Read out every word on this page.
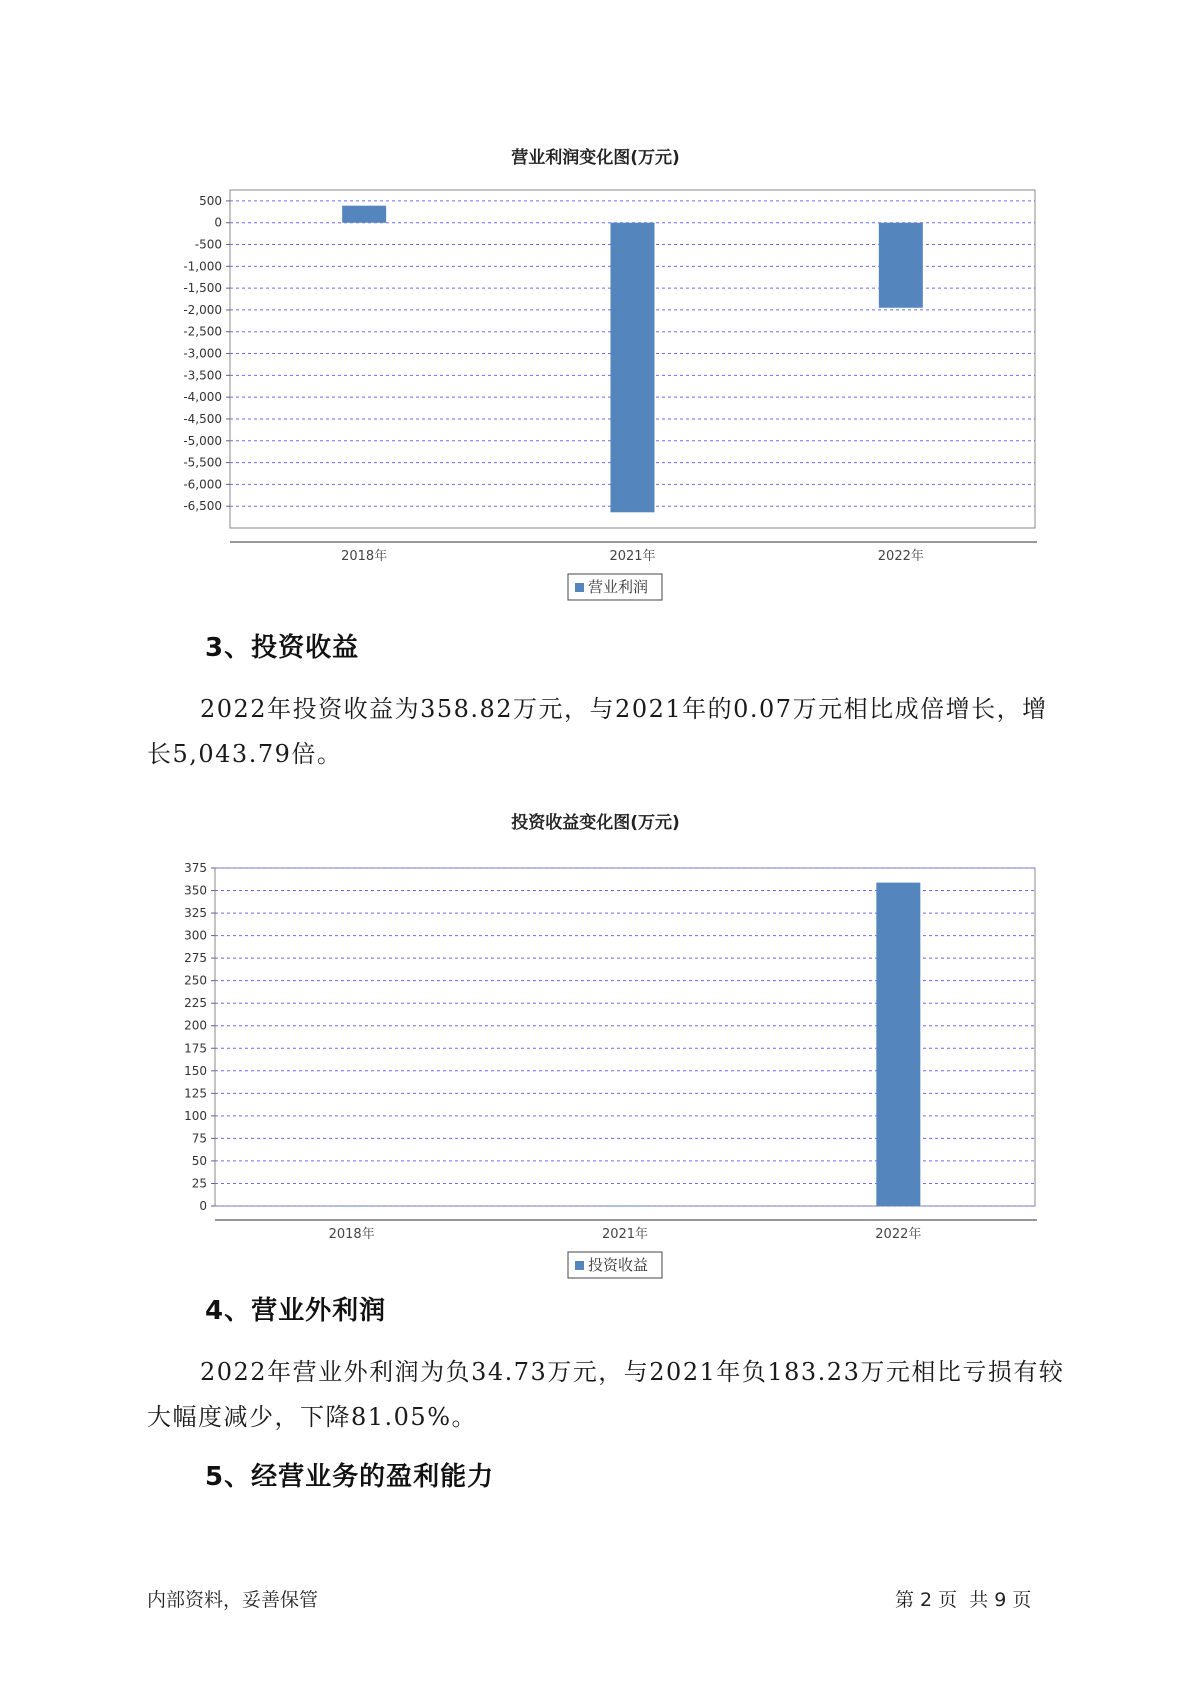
营业利润变化图(万元)
500
0
-500
-1,000
-1,500
-2,000
-2,500
-3,000
-3,500
-4,000
-4,500
-5,000
-5,500
-6,000
-6,500
2018年	2021年	2022年
营业利润
3、投资收益
2022年投资收益为358.82万元，与2021年的0.07万元相比成倍增长，增长5,043.79倍。
投资收益变化图(万元)
375
350
325
300
275
250
225
200
175
150
125
100
75
50
25
0
2018年	2021年	2022年
投资收益
4、营业外利润
2022年营业外利润为负34.73万元，与2021年负183.23万元相比亏损有较大幅度减少，下降81.05%。
5、经营业务的盈利能力
内部资料，妥善保管	第 2 页  共 9 页
